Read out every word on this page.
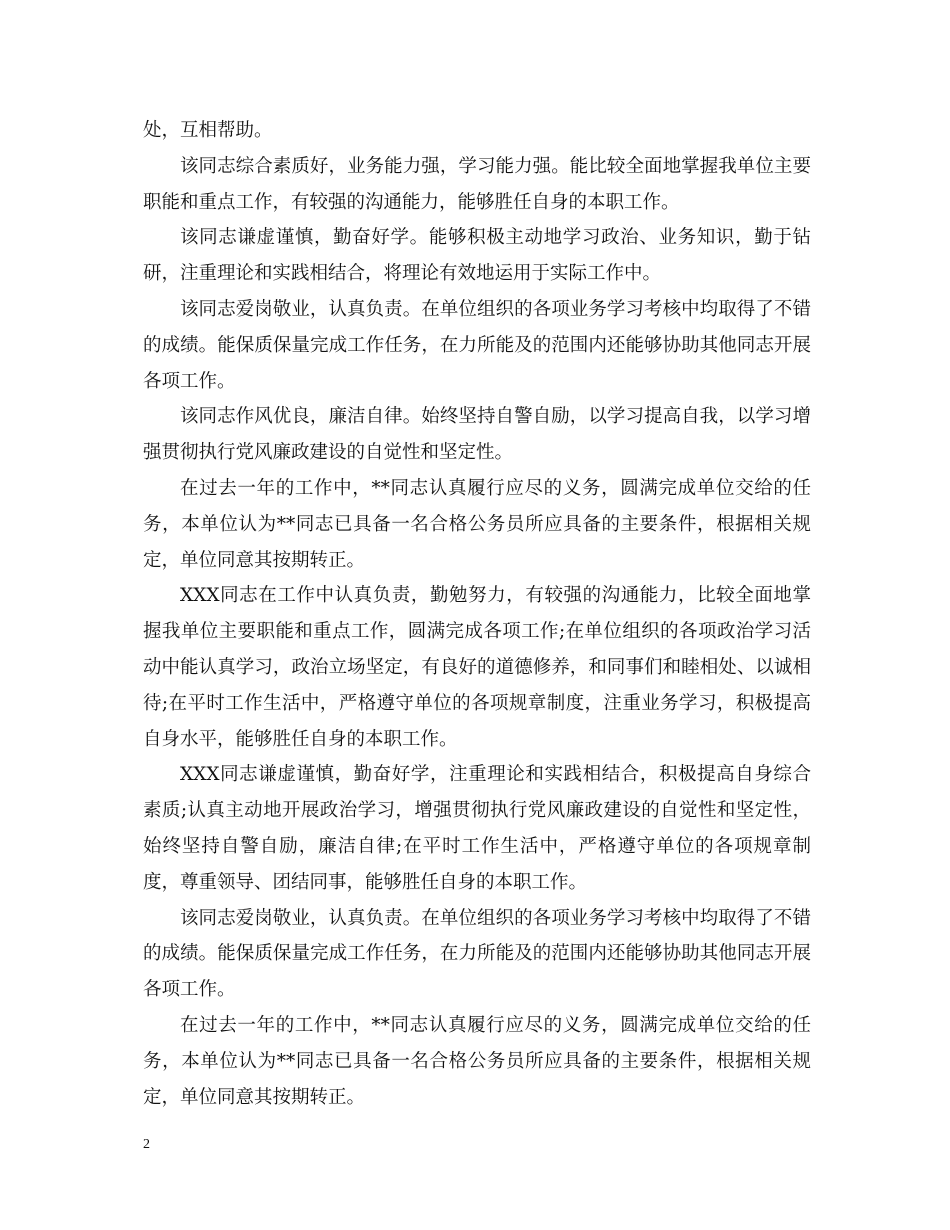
处，互相帮助。

该同志综合素质好，业务能力强，学习能力强。能比较全面地掌握我单位主要职能和重点工作，有较强的沟通能力，能够胜任自身的本职工作。

该同志谦虚谨慎，勤奋好学。能够积极主动地学习政治、业务知识，勤于钻研，注重理论和实践相结合，将理论有效地运用于实际工作中。

该同志爱岗敬业，认真负责。在单位组织的各项业务学习考核中均取得了不错的成绩。能保质保量完成工作任务，在力所能及的范围内还能够协助其他同志开展各项工作。

该同志作风优良，廉洁自律。始终坚持自警自励，以学习提高自我，以学习增强贯彻执行党风廉政建设的自觉性和坚定性。

在过去一年的工作中，**同志认真履行应尽的义务，圆满完成单位交给的任务，本单位认为**同志已具备一名合格公务员所应具备的主要条件，根据相关规定，单位同意其按期转正。

XXX同志在工作中认真负责，勤勉努力，有较强的沟通能力，比较全面地掌握我单位主要职能和重点工作，圆满完成各项工作;在单位组织的各项政治学习活动中能认真学习，政治立场坚定，有良好的道德修养，和同事们和睦相处、以诚相待;在平时工作生活中，严格遵守单位的各项规章制度，注重业务学习，积极提高自身水平，能够胜任自身的本职工作。

XXX同志谦虚谨慎，勤奋好学，注重理论和实践相结合，积极提高自身综合素质;认真主动地开展政治学习，增强贯彻执行党风廉政建设的自觉性和坚定性，始终坚持自警自励，廉洁自律;在平时工作生活中，严格遵守单位的各项规章制度，尊重领导、团结同事，能够胜任自身的本职工作。

该同志爱岗敬业，认真负责。在单位组织的各项业务学习考核中均取得了不错的成绩。能保质保量完成工作任务，在力所能及的范围内还能够协助其他同志开展各项工作。

在过去一年的工作中，**同志认真履行应尽的义务，圆满完成单位交给的任务，本单位认为**同志已具备一名合格公务员所应具备的主要条件，根据相关规定，单位同意其按期转正。

2
